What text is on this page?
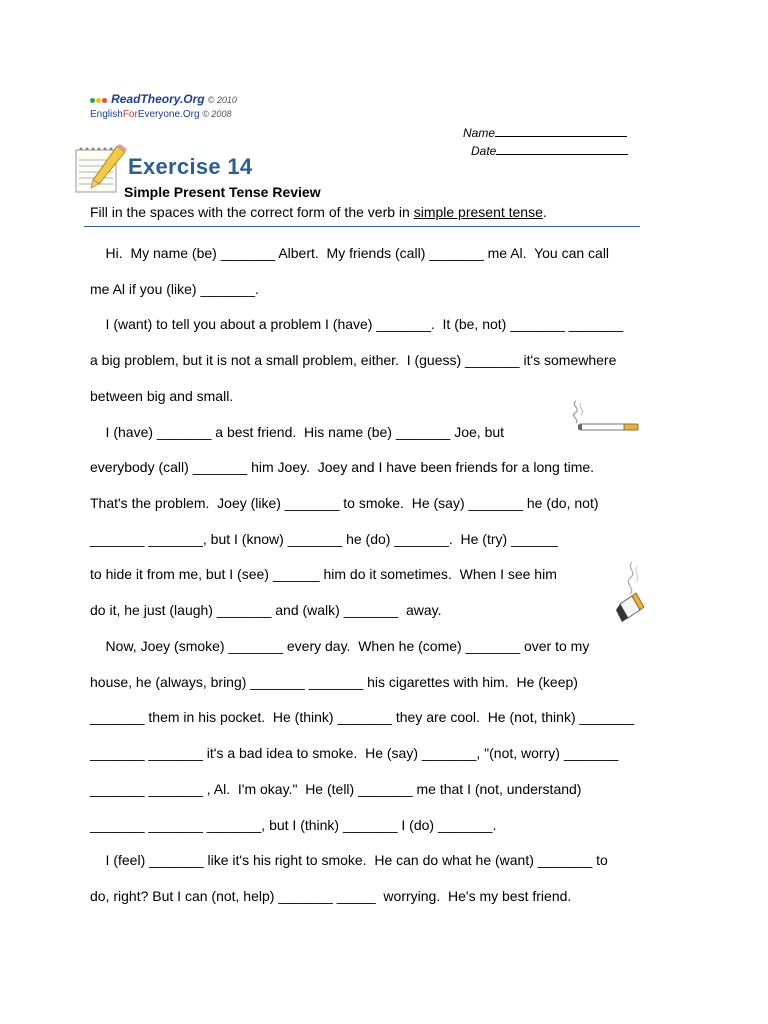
ReadTheory.Org © 2010
EnglishForEveryone.Org © 2008
Name
Date
Exercise 14
Simple Present Tense Review
Fill in the spaces with the correct form of the verb in simple present tense.
Hi.  My name (be) _______ Albert.  My friends (call) _______ me Al.  You can call
me Al if you (like) _______.
I (want) to tell you about a problem I (have) _______.  It (be, not) _______ _______
a big problem, but it is not a small problem, either.  I (guess) _______ it's somewhere
between big and small.
I (have) _______ a best friend.  His name (be) _______ Joe, but
everybody (call) _______ him Joey.  Joey and I have been friends for a long time.
That's the problem.  Joey (like) _______ to smoke.  He (say) _______ he (do, not)
_______ _______, but I (know) _______ he (do) _______.  He (try) ______
to hide it from me, but I (see) ______ him do it sometimes.  When I see him
do it, he just (laugh) _______ and (walk) _______  away.
Now, Joey (smoke) _______ every day.  When he (come) _______ over to my
house, he (always, bring) _______ _______ his cigarettes with him.  He (keep)
_______ them in his pocket.  He (think) _______ they are cool.  He (not, think) _______
_______ _______ it's a bad idea to smoke.  He (say) _______, "(not, worry) _______
_______ _______ , Al.  I'm okay."  He (tell) _______ me that I (not, understand)
_______ _______ _______, but I (think) _______ I (do) _______.
I (feel) _______ like it's his right to smoke.  He can do what he (want) _______ to
do, right? But I can (not, help) _______ _____  worrying.  He's my best friend.
